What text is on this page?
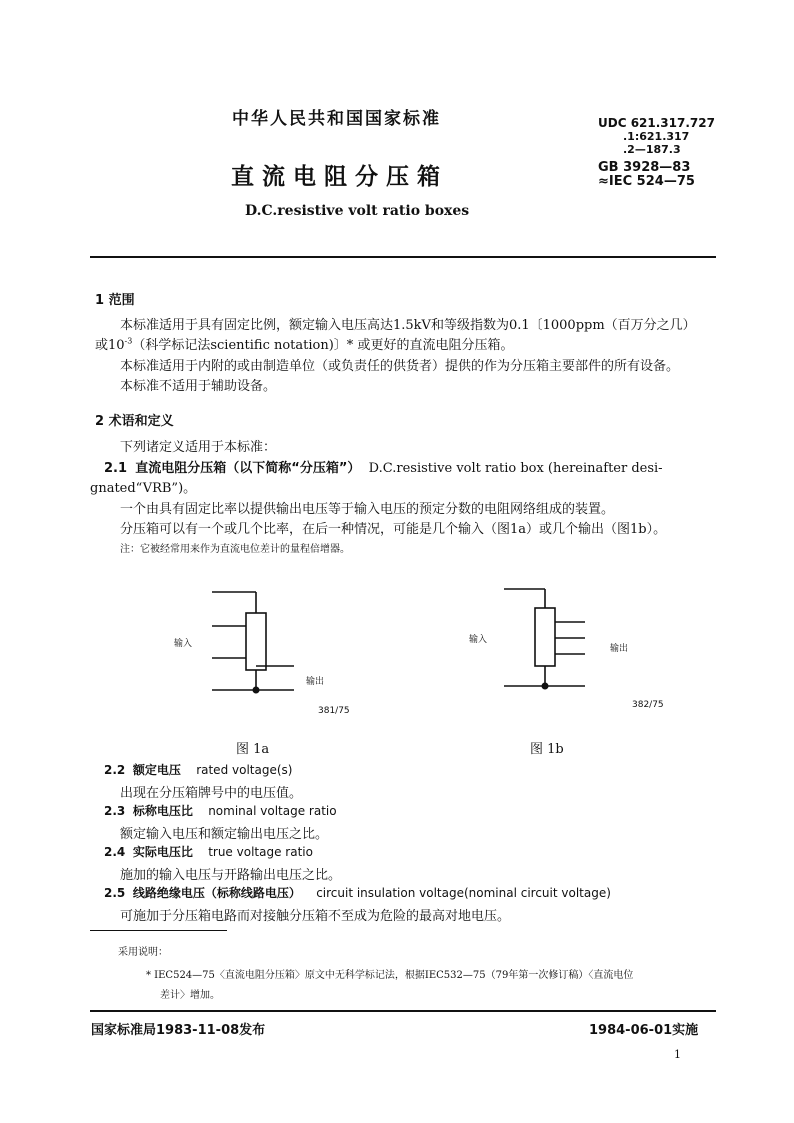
中华人民共和国国家标准
直 流 电 阻 分 压 箱
D.C.resistive volt ratio boxes
UDC 621.317.727
.1:621.317
.2—187.3
GB 3928—83
≈IEC 524—75
1 范围
本标准适用于具有固定比例，额定输入电压高达1.5kV和等级指数为0.1〔1000ppm（百万分之几）
或$10^{-3}$（科学标记法scientific notation)〕* 或更好的直流电阻分压箱。
本标准适用于内附的或由制造单位（或负责任的供货者）提供的作为分压箱主要部件的所有设备。
本标准不适用于辅助设备。
2 术语和定义
下列诸定义适用于本标准：
2.1 直流电阻分压箱（以下简称“分压箱”） D.C.resistive volt ratio box (hereinafter desi-
gnated“VRB”)。
一个由具有固定比率以提供输出电压等于输入电压的预定分数的电阻网络组成的装置。
分压箱可以有一个或几个比率，在后一种情况，可能是几个输入（图1a）或几个输出（图1b）。
注：它被经常用来作为直流电位差计的量程倍增器。
输入
输出
381/75
图 1a
输入
输出
382/75
图 1b
2.2 额定电压 rated voltage(s)
出现在分压箱牌号中的电压值。
2.3 标称电压比 nominal voltage ratio
额定输入电压和额定输出电压之比。
2.4 实际电压比 true voltage ratio
施加的输入电压与开路输出电压之比。
2.5 线路绝缘电压（标称线路电压） circuit insulation voltage(nominal circuit voltage)
可施加于分压箱电路而对接触分压箱不至成为危险的最高对地电压。
采用说明：
* IEC524—75〈直流电阻分压箱〉原文中无科学标记法，根据IEC532—75（79年第一次修订稿）〈直流电位
差计〉增加。
国家标准局1983-11-08发布	1984-06-01实施
1
